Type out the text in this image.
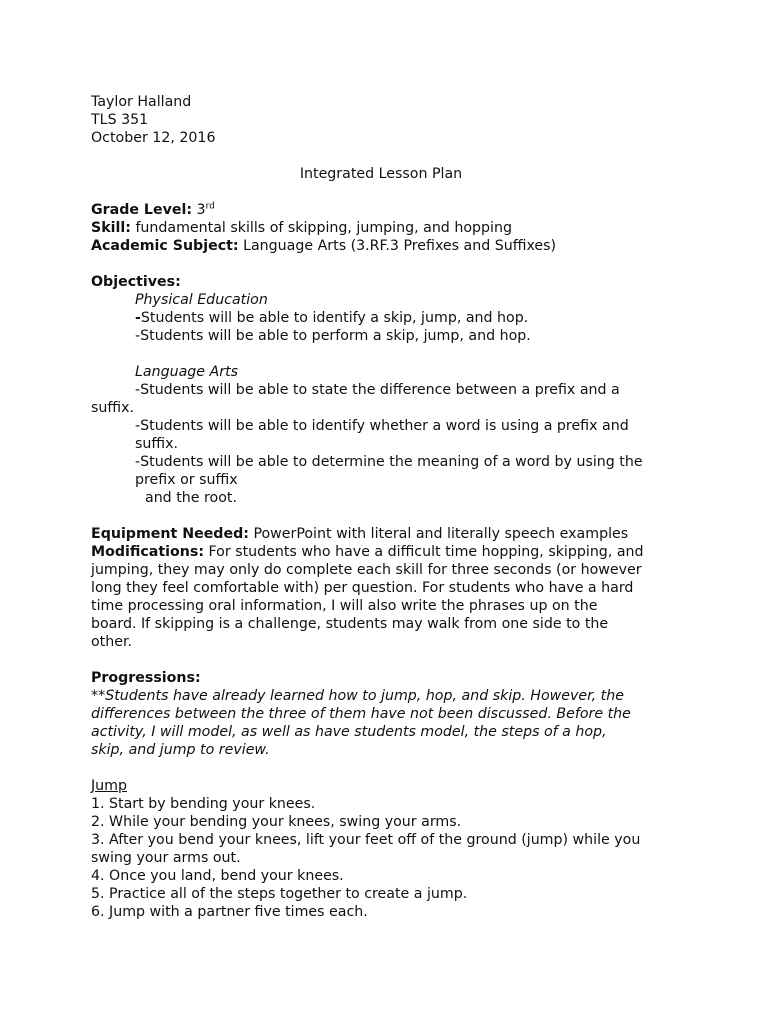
Taylor Halland
TLS 351
October 12, 2016
Integrated Lesson Plan
Grade Level: 3rd
Skill: fundamental skills of skipping, jumping, and hopping
Academic Subject: Language Arts (3.RF.3 Prefixes and Suffixes)
Objectives:
Physical Education
-Students will be able to identify a skip, jump, and hop.
-Students will be able to perform a skip, jump, and hop.
Language Arts
-Students will be able to state the difference between a prefix and a
suffix.
-Students will be able to identify whether a word is using a prefix and
suffix.
-Students will be able to determine the meaning of a word by using the
prefix or suffix
and the root.
Equipment Needed: PowerPoint with literal and literally speech examples
Modifications: For students who have a difficult time hopping, skipping, and
jumping, they may only do complete each skill for three seconds (or however
long they feel comfortable with) per question. For students who have a hard
time processing oral information, I will also write the phrases up on the
board. If skipping is a challenge, students may walk from one side to the
other.
Progressions:
**Students have already learned how to jump, hop, and skip. However, the
differences between the three of them have not been discussed. Before the
activity, I will model, as well as have students model, the steps of a hop,
skip, and jump to review.
Jump
1. Start by bending your knees.
2. While your bending your knees, swing your arms.
3. After you bend your knees, lift your feet off of the ground (jump) while you
swing your arms out.
4. Once you land, bend your knees.
5. Practice all of the steps together to create a jump.
6. Jump with a partner five times each.
